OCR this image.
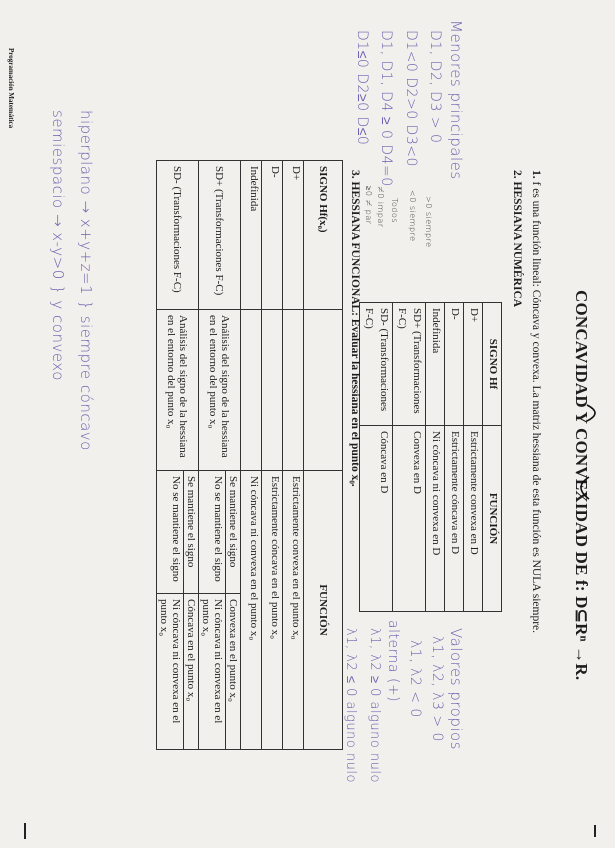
Programación Matemática
CONCAVIDAD Y CONVEXIDAD DE f: D⊆Rⁿ →R.
1. f es una función lineal: Cóncava y convexa. La matriz hessiana de esta función es NULA siempre.
2. HESSIANA NUMÉRICA
SIGNO Hf	FUNCIÓN
D+	Estrictamente convexa en D
D-	Estrictamente cóncava en D
Indefinida	Ni cóncava ni convexa en D
SD+ (Transformaciones F-C)	Convexa en D
SD- (Transformaciones F-C)	Cóncava en D
3. HESSIANA FUNCIONAL: Evaluar la hessiana en el punto x₀.
SIGNO Hf(x₀)		FUNCIÓN	
D+		Estrictamente convexa en el punto x₀	
D-		Estrictamente cóncava en el punto x₀	
Indefinida		Ni cóncava ni convexa en el punto x₀	
SD+ (Transformaciones F-C)	Análisis del signo de la hessiana en el entorno del punto x₀	Se mantiene el signo	Convexa en el punto x₀
		No se mantiene el signo	Ni cóncava ni convexa en el punto x₀
SD- (Transformaciones F-C)	Análisis del signo de la hessiana en el entorno del punto x₀	Se mantiene el signo	Cóncava en el punto x₀
		No se mantiene el signo	Ni cóncava ni convexa en el punto x₀
Menores principales
D1, D2, D3 > 0
D1<0 D2>0 D3<0
D1, D1, D4 ≥ 0 D4=0
D1≤0 D2≥0 D≤0
>0 siempre
<0 siempre
Todos
≠0 impar
≥0 ≠ par
Valores propios
λ1, λ2, λ3 > 0
λ1, λ2 < 0
alterna (+)
λ1, λ2 ≥ 0 alguno nulo
λ1, λ2 ≤ 0 alguno nulo
hiperplano → x+y+z=1 } siempre cóncavo
semiespacio → x-y>0 } y convexo
